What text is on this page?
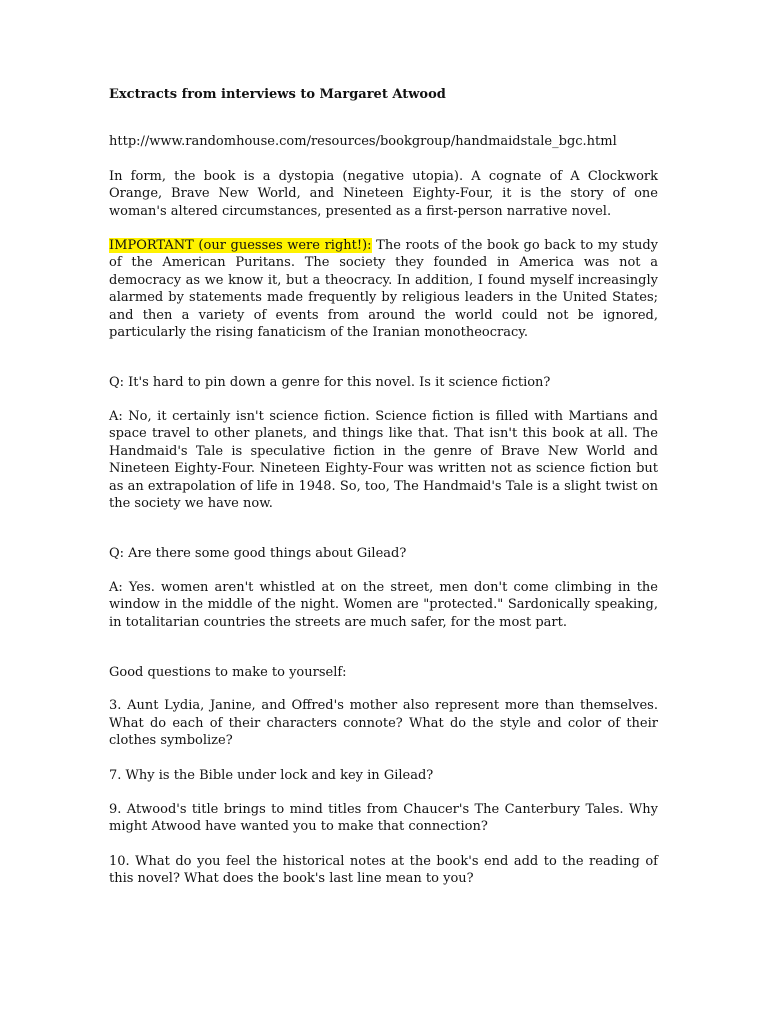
Exctracts from interviews to Margaret Atwood

http://www.randomhouse.com/resources/bookgroup/handmaidstale_bgc.html

In form, the book is a dystopia (negative utopia). A cognate of A Clockwork Orange, Brave New World, and Nineteen Eighty-Four, it is the story of one woman's altered circumstances, presented as a first-person narrative novel.

IMPORTANT (our guesses were right!): The roots of the book go back to my study of the American Puritans. The society they founded in America was not a democracy as we know it, but a theocracy. In addition, I found myself increasingly alarmed by statements made frequently by religious leaders in the United States; and then a variety of events from around the world could not be ignored, particularly the rising fanaticism of the Iranian monotheocracy.

Q: It's hard to pin down a genre for this novel. Is it science fiction?

A: No, it certainly isn't science fiction. Science fiction is filled with Martians and space travel to other planets, and things like that. That isn't this book at all. The Handmaid's Tale is speculative fiction in the genre of Brave New World and Nineteen Eighty-Four. Nineteen Eighty-Four was written not as science fiction but as an extrapolation of life in 1948. So, too, The Handmaid's Tale is a slight twist on the society we have now.

Q: Are there some good things about Gilead?

A: Yes. women aren't whistled at on the street, men don't come climbing in the window in the middle of the night. Women are "protected." Sardonically speaking, in totalitarian countries the streets are much safer, for the most part.

Good questions to make to yourself:

3. Aunt Lydia, Janine, and Offred's mother also represent more than themselves. What do each of their characters connote? What do the style and color of their clothes symbolize?

7. Why is the Bible under lock and key in Gilead?

9. Atwood's title brings to mind titles from Chaucer's The Canterbury Tales. Why might Atwood have wanted you to make that connection?

10. What do you feel the historical notes at the book's end add to the reading of this novel? What does the book's last line mean to you?
